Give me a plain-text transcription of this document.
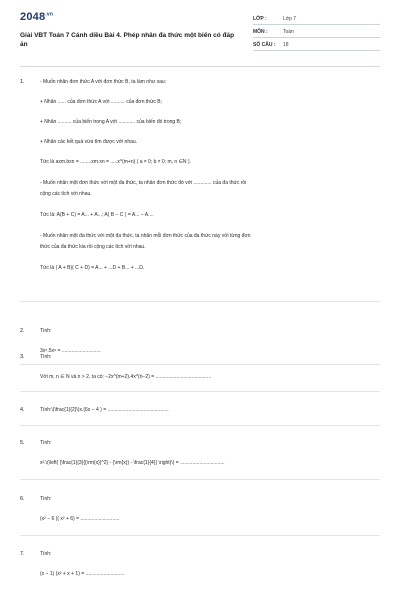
$2048^{.vn}$
Giải VBT Toán 7 Cánh diều Bài 4. Phép nhân đa thức một biến có đáp án
LỚP :	Lớp 7
MÔN :	Toán
SỐ CÂU :	18
1.	- Muốn nhân đơn thức A với đơn thức B, ta làm như sau:
+ Nhân ...... của đơn thức A với .......... của đơn thức B;
+ Nhân .......... của biến trong A với ............ của biến đó trong B;
+ Nhân các kết quả vừa tìm được với nhau.
Tức là axm.bxn = ........xm.xn = .....x^(m+n) ( a ≠ 0; b ≠ 0; m, n ∈N ).
- Muốn nhân một đơn thức với một đa thức, ta nhân đơn thức đó với ............. của đa thức rồi
cộng các tích với nhau.
Tức là: A(B + C) = A... + A...; A( B − C ) = A... − A....
- Muốn nhân một đa thức với một đa thức, ta nhân mỗi đơn thức của đa thức này với từng đơn
thức của đa thức kia rồi cộng các tích với nhau.
Tức là ( A + B)( C + D) = A... + ...D + B... + ...D.
2.	Tính:
3x⁵.5x⁸ = ............................
3.	Tính:
Với m, n ∈ N và n > 2, ta có: −2x^(m+2).4x^(n−2) = ........................................
4.	Tính:\(\frac{1}{2}\)x.(6x − 4 ) = ............................................
5.	Tính:
x².\(\left( {\frac{1}{3}{{\rm{x}}^2} - {\rm{x}} - \frac{1}{4}} \right)\) = ................................
6.	Tính:
(x² − 6 )( x² + 6) = ............................
7.	Tính:
(x − 1) (x² + x + 1) = ............................
